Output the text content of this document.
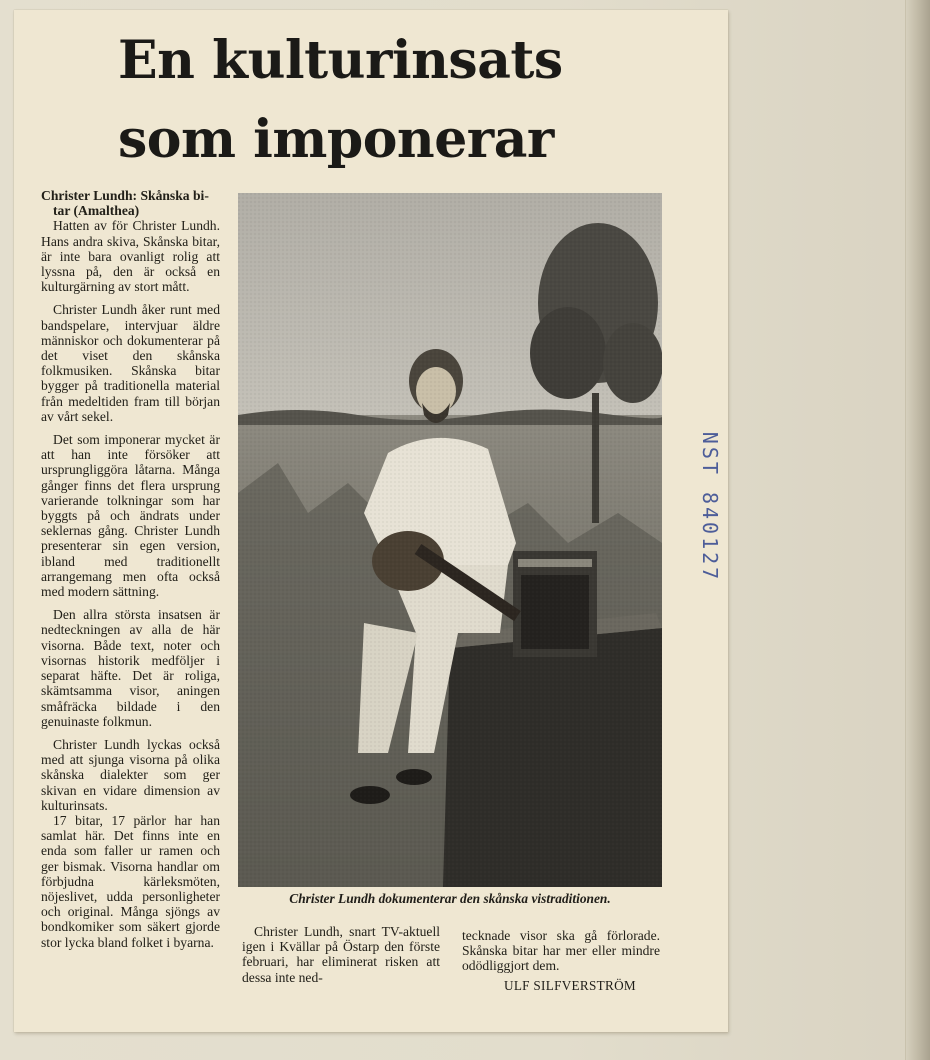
En kulturinsats
som imponerar

Christer Lundh: Skånska bi-
tar (Amalthea)

Hatten av för Christer Lundh. Hans andra skiva, Skånska bitar, är inte bara ovanligt rolig att lyssna på, den är också en kulturgärning av stort mått.

Christer Lundh åker runt med bandspelare, intervjuar äldre människor och dokumenterar på det viset den skånska folkmusiken. Skånska bitar bygger på traditionella material från medeltiden fram till början av vårt sekel.

Det som imponerar mycket är att han inte försöker att ursprungliggöra låtarna. Många gånger finns det flera ursprung varierande tolkningar som har byggts på och ändrats under seklernas gång. Christer Lundh presenterar sin egen version, ibland med traditionellt arrangemang men ofta också med modern sättning.

Den allra största insatsen är nedteckningen av alla de här visorna. Både text, noter och visornas historik medföljer i separat häfte. Det är roliga, skämtsamma visor, aningen småfräcka bildade i den genuinaste folkmun.

Christer Lundh lyckas också med att sjunga visorna på olika skånska dialekter som ger skivan en vidare dimension av kulturinsats.

17 bitar, 17 pärlor har han samlat här. Det finns inte en enda som faller ur ramen och ger bismak. Visorna handlar om förbjudna kärleksmöten, nöjeslivet, udda personligheter och original. Många sjöngs av bondkomiker som säkert gjorde stor lycka bland folket i byarna.

Christer Lundh dokumenterar den skånska vistraditionen.

Christer Lundh, snart TV-aktuell igen i Kvällar på Östarp den förste februari, har eliminerat risken att dessa inte ned-

tecknade visor ska gå förlorade. Skånska bitar har mer eller mindre odödliggjort dem.

ULF SILFVERSTRÖM

NST 840127
